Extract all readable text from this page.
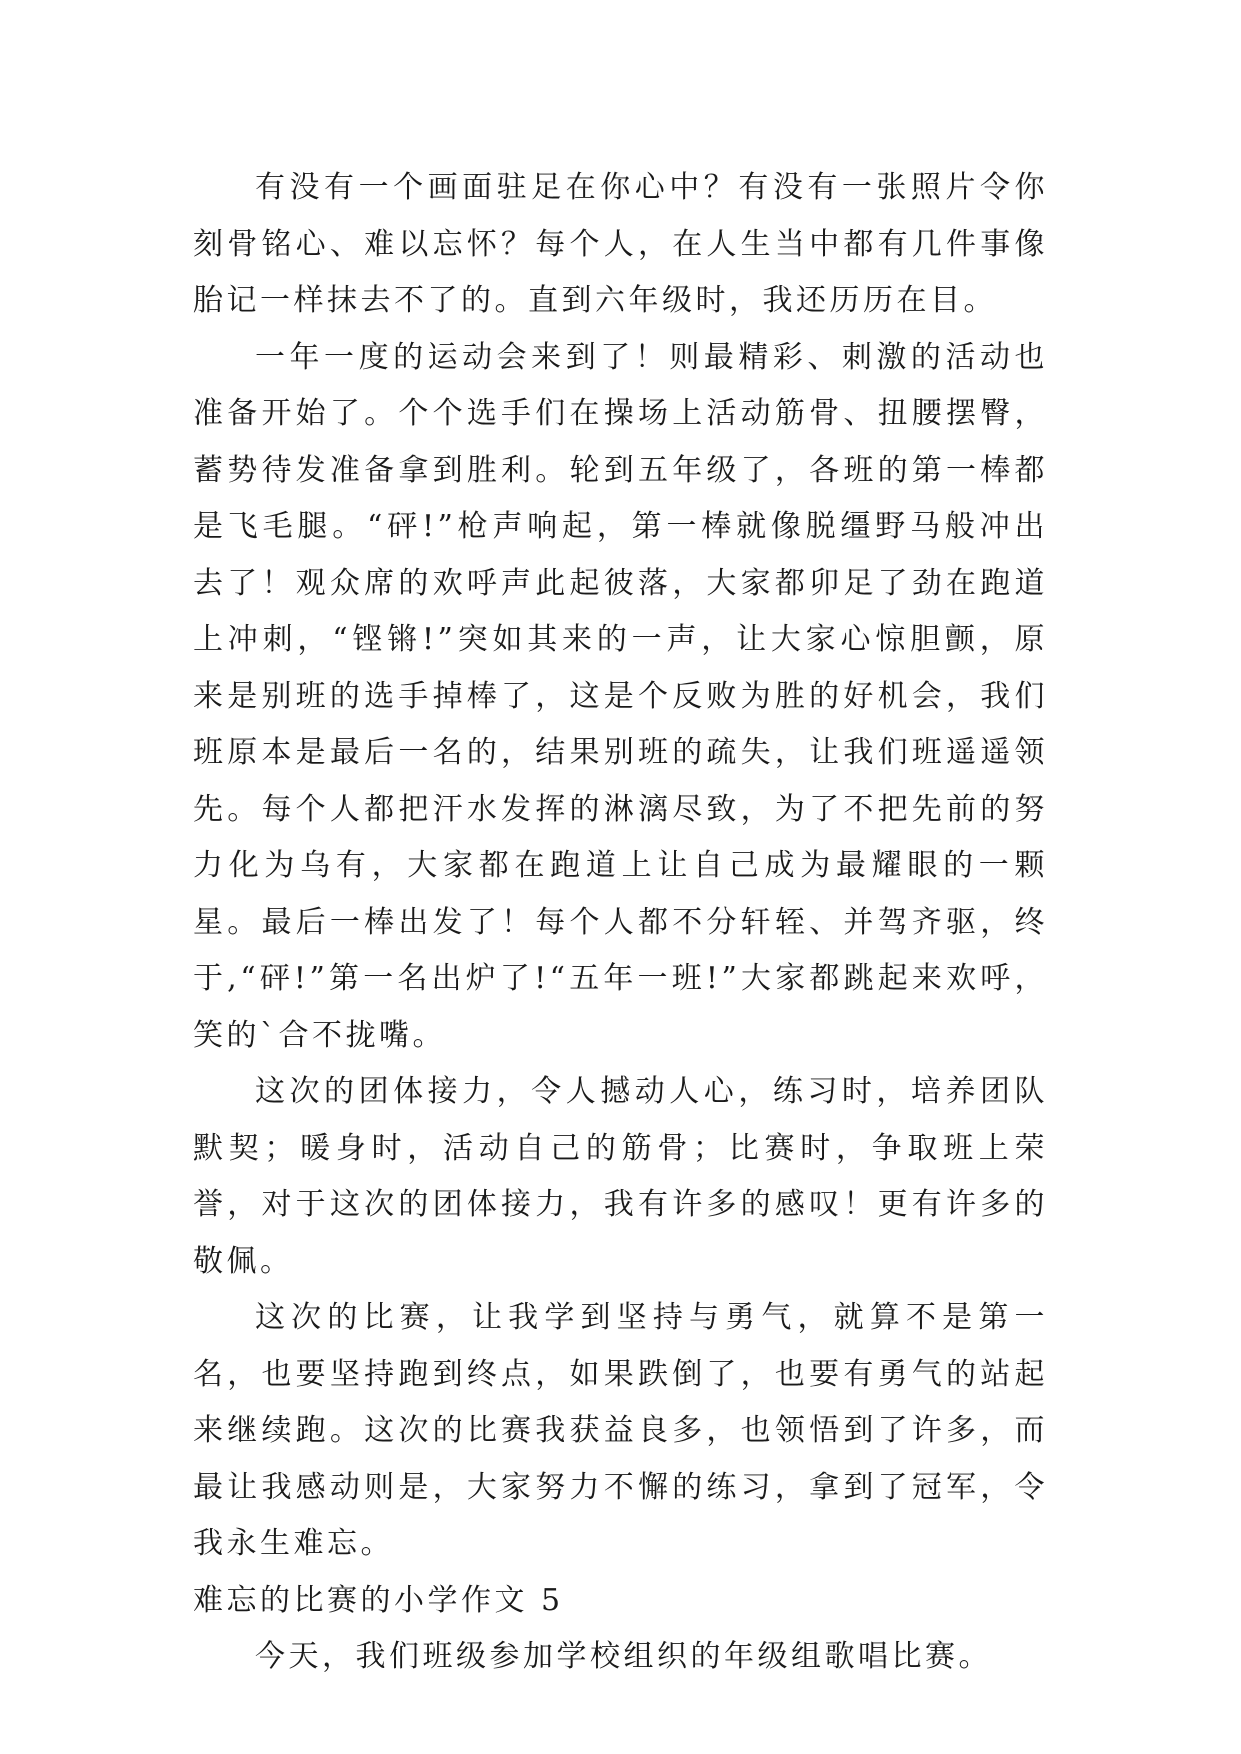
有没有一个画面驻足在你心中？有没有一张照片令你刻骨铭心、难以忘怀？每个人，在人生当中都有几件事像胎记一样抹去不了的。直到六年级时，我还历历在目。

一年一度的运动会来到了！则最精彩、刺激的活动也准备开始了。个个选手们在操场上活动筋骨、扭腰摆臀，蓄势待发准备拿到胜利。轮到五年级了，各班的第一棒都是飞毛腿。“砰!”枪声响起，第一棒就像脱缰野马般冲出去了！观众席的欢呼声此起彼落，大家都卯足了劲在跑道上冲刺，“铿锵!”突如其来的一声，让大家心惊胆颤，原来是别班的选手掉棒了，这是个反败为胜的好机会，我们班原本是最后一名的，结果别班的疏失，让我们班遥遥领先。每个人都把汗水发挥的淋漓尽致，为了不把先前的努力化为乌有，大家都在跑道上让自己成为最耀眼的一颗星。最后一棒出发了！每个人都不分轩轾、并驾齐驱，终于,“砰!”第一名出炉了!“五年一班!”大家都跳起来欢呼，笑的`合不拢嘴。

这次的团体接力，令人撼动人心，练习时，培养团队默契；暖身时，活动自己的筋骨；比赛时，争取班上荣誉，对于这次的团体接力，我有许多的感叹！更有许多的敬佩。

这次的比赛，让我学到坚持与勇气，就算不是第一名，也要坚持跑到终点，如果跌倒了，也要有勇气的站起来继续跑。这次的比赛我获益良多，也领悟到了许多，而最让我感动则是，大家努力不懈的练习，拿到了冠军，令我永生难忘。

难忘的比赛的小学作文 5

今天，我们班级参加学校组织的年级组歌唱比赛。
